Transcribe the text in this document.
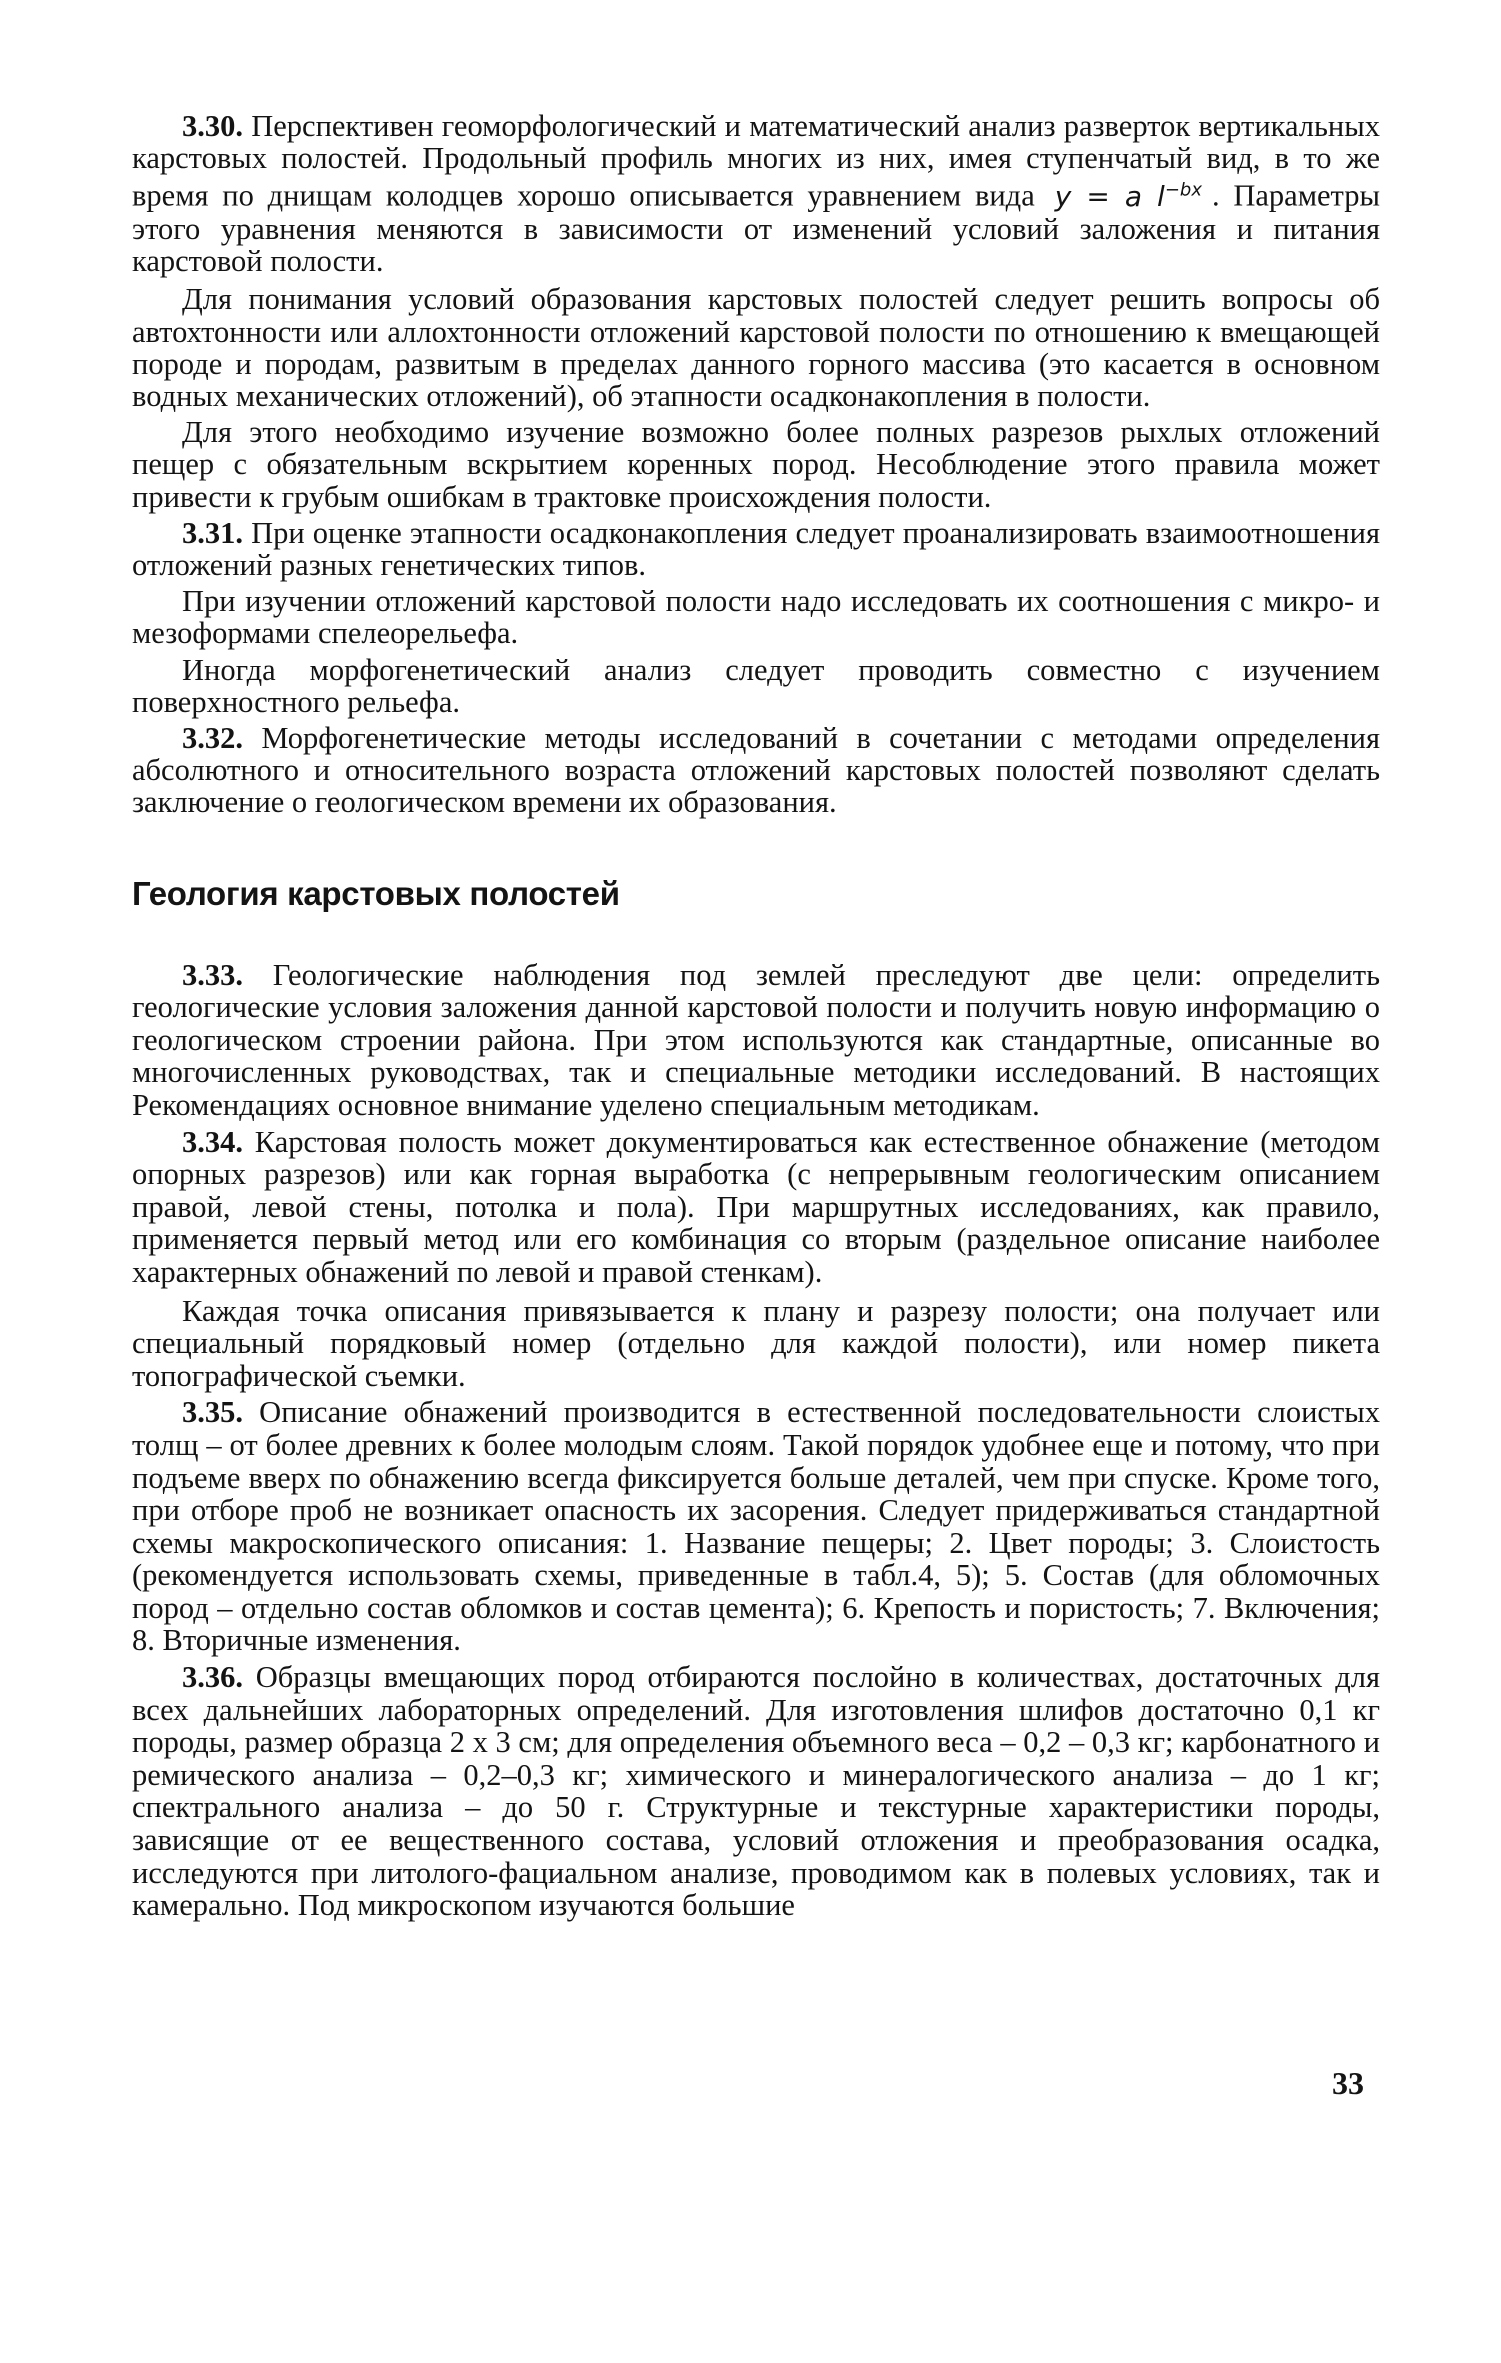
3.30. Перспективен геоморфологический и математический анализ разверток вертикальных карстовых полостей. Продольный профиль многих из них, имея ступенчатый вид, в то же время по днищам колодцев хорошо описывается уравнением вида y = a $l^{-bx}$ . Параметры этого уравнения меняются в зависимости от изменений условий заложения и питания карстовой полости.

Для понимания условий образования карстовых полостей следует решить вопросы об автохтонности или аллохтонности отложений карстовой полости по отношению к вмещающей породе и породам, развитым в пределах данного горного массива (это касается в основном водных механических отложений), об этапности осадконакопления в полости.

Для этого необходимо изучение возможно более полных разрезов рыхлых отложений пещер с обязательным вскрытием коренных пород. Несоблюдение этого правила может привести к грубым ошибкам в трактовке происхождения полости.

3.31. При оценке этапности осадконакопления следует проанализировать взаимоотношения отложений разных генетических типов.

При изучении отложений карстовой полости надо исследовать их соотношения с микро- и мезоформами спелеорельефа.

Иногда морфогенетический анализ следует проводить совместно с изучением поверхностного рельефа.

3.32. Морфогенетические методы исследований в сочетании с методами определения абсолютного и относительного возраста отложений карстовых полостей позволяют сделать заключение о геологическом времени их образования.

Геология карстовых полостей

3.33. Геологические наблюдения под землей преследуют две цели: определить геологические условия заложения данной карстовой полости и получить новую информацию о геологическом строении района. При этом используются как стандартные, описанные во многочисленных руководствах, так и специальные методики исследований. В настоящих Рекомендациях основное внимание уделено специальным методикам.

3.34. Карстовая полость может документироваться как естественное обнажение (методом опорных разрезов) или как горная выработка (с непрерывным геологическим описанием правой, левой стены, потолка и пола). При маршрутных исследованиях, как правило, применяется первый метод или его комбинация со вторым (раздельное описание наиболее характерных обнажений по левой и правой стенкам).

Каждая точка описания привязывается к плану и разрезу полости; она получает или специальный порядковый номер (отдельно для каждой полости), или номер пикета топографической съемки.

3.35. Описание обнажений производится в естественной последовательности слоистых толщ – от более древних к более молодым слоям. Такой порядок удобнее еще и потому, что при подъеме вверх по обнажению всегда фиксируется больше деталей, чем при спуске. Кроме того, при отборе проб не возникает опасность их засорения. Следует придерживаться стандартной схемы макроскопического описания: 1. Название пещеры; 2. Цвет породы; 3. Слоистость (рекомендуется использовать схемы, приведенные в табл.4, 5); 5. Состав (для обломочных пород – отдельно состав обломков и состав цемента); 6. Крепость и пористость; 7. Включения; 8. Вторичные изменения.

3.36. Образцы вмещающих пород отбираются послойно в количествах, достаточных для всех дальнейших лабораторных определений. Для изготовления шлифов достаточно 0,1 кг породы, размер образца 2 х 3 см; для определения объемного веса – 0,2 – 0,3 кг; карбонатного и ремического анализа – 0,2–0,3 кг; химического и минералогического анализа – до 1 кг; спектрального анализа – до 50 г. Структурные и текстурные характеристики породы, зависящие от ее вещественного состава, условий отложения и преобразования осадка, исследуются при литолого-фациальном анализе, проводимом как в полевых условиях, так и камерально. Под микроскопом изучаются большие

33
